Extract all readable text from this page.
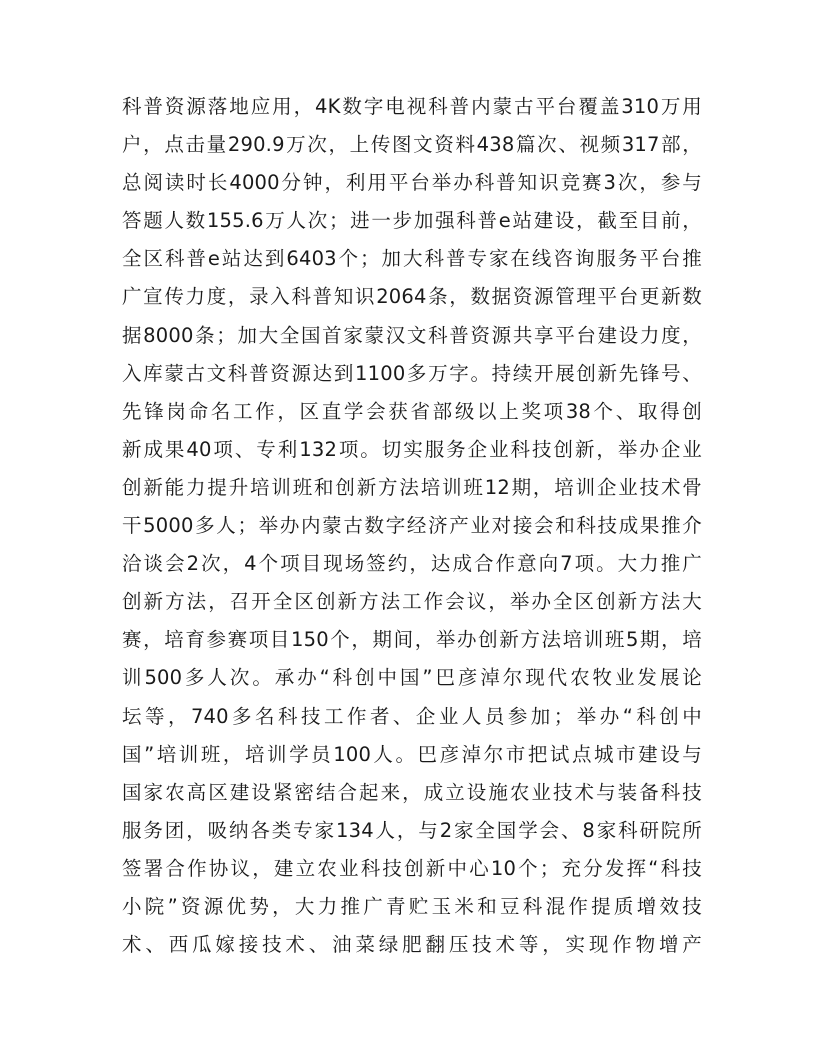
科普资源落地应用，4K数字电视科普内蒙古平台覆盖310万用
户，点击量290.9万次，上传图文资料438篇次、视频317部，
总阅读时长4000分钟，利用平台举办科普知识竞赛3次，参与
答题人数155.6万人次；进一步加强科普e站建设，截至目前，
全区科普e站达到6403个；加大科普专家在线咨询服务平台推
广宣传力度，录入科普知识2064条，数据资源管理平台更新数
据8000条；加大全国首家蒙汉文科普资源共享平台建设力度，
入库蒙古文科普资源达到1100多万字。持续开展创新先锋号、
先锋岗命名工作，区直学会获省部级以上奖项38个、取得创
新成果40项、专利132项。切实服务企业科技创新，举办企业
创新能力提升培训班和创新方法培训班12期，培训企业技术骨
干5000多人；举办内蒙古数字经济产业对接会和科技成果推介
洽谈会2次，4个项目现场签约，达成合作意向7项。大力推广
创新方法，召开全区创新方法工作会议，举办全区创新方法大
赛，培育参赛项目150个，期间，举办创新方法培训班5期，培
训500多人次。承办“科创中国”巴彦淖尔现代农牧业发展论
坛等，740多名科技工作者、企业人员参加；举办“科创中
国”培训班，培训学员100人。巴彦淖尔市把试点城市建设与
国家农高区建设紧密结合起来，成立设施农业技术与装备科技
服务团，吸纳各类专家134人，与2家全国学会、8家科研院所
签署合作协议，建立农业科技创新中心10个；充分发挥“科技
小院”资源优势，大力推广青贮玉米和豆科混作提质增效技
术、西瓜嫁接技术、油菜绿肥翻压技术等，实现作物增产
